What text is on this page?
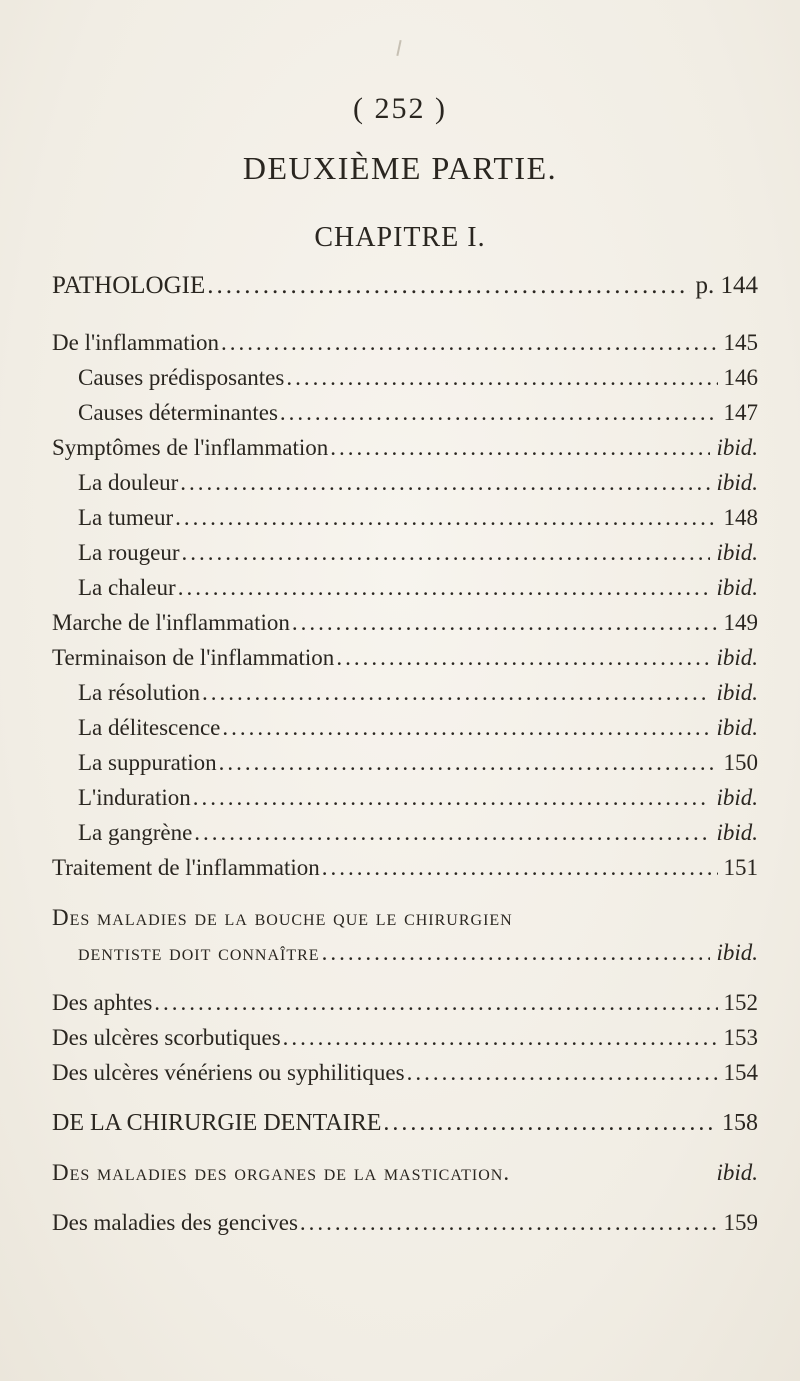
( 252 )
DEUXIÈME PARTIE.
CHAPITRE I.
PATHOLOGIE .....	p. 144
De l'inflammation .....	145
Causes prédisposantes .....	146
Causes déterminantes .....	147
Symptômes de l'inflammation .....	ibid.
La douleur .....	ibid.
La tumeur .....	148
La rougeur .....	ibid.
La chaleur .....	ibid.
Marche de l'inflammation .....	149
Terminaison de l'inflammation .....	ibid.
La résolution .....	ibid.
La délitescence .....	ibid.
La suppuration .....	150
L'induration .....	ibid.
La gangrène .....	ibid.
Traitement de l'inflammation .....	151
Des maladies de la bouche que le chirurgien
dentiste doit connaître .....	ibid.
Des aphtes .....	152
Des ulcères scorbutiques .....	153
Des ulcères vénériens ou syphilitiques .....	154
DE LA CHIRURGIE DENTAIRE .....	158
Des maladies des organes de la mastication.	ibid.
Des maladies des gencives .....	159
